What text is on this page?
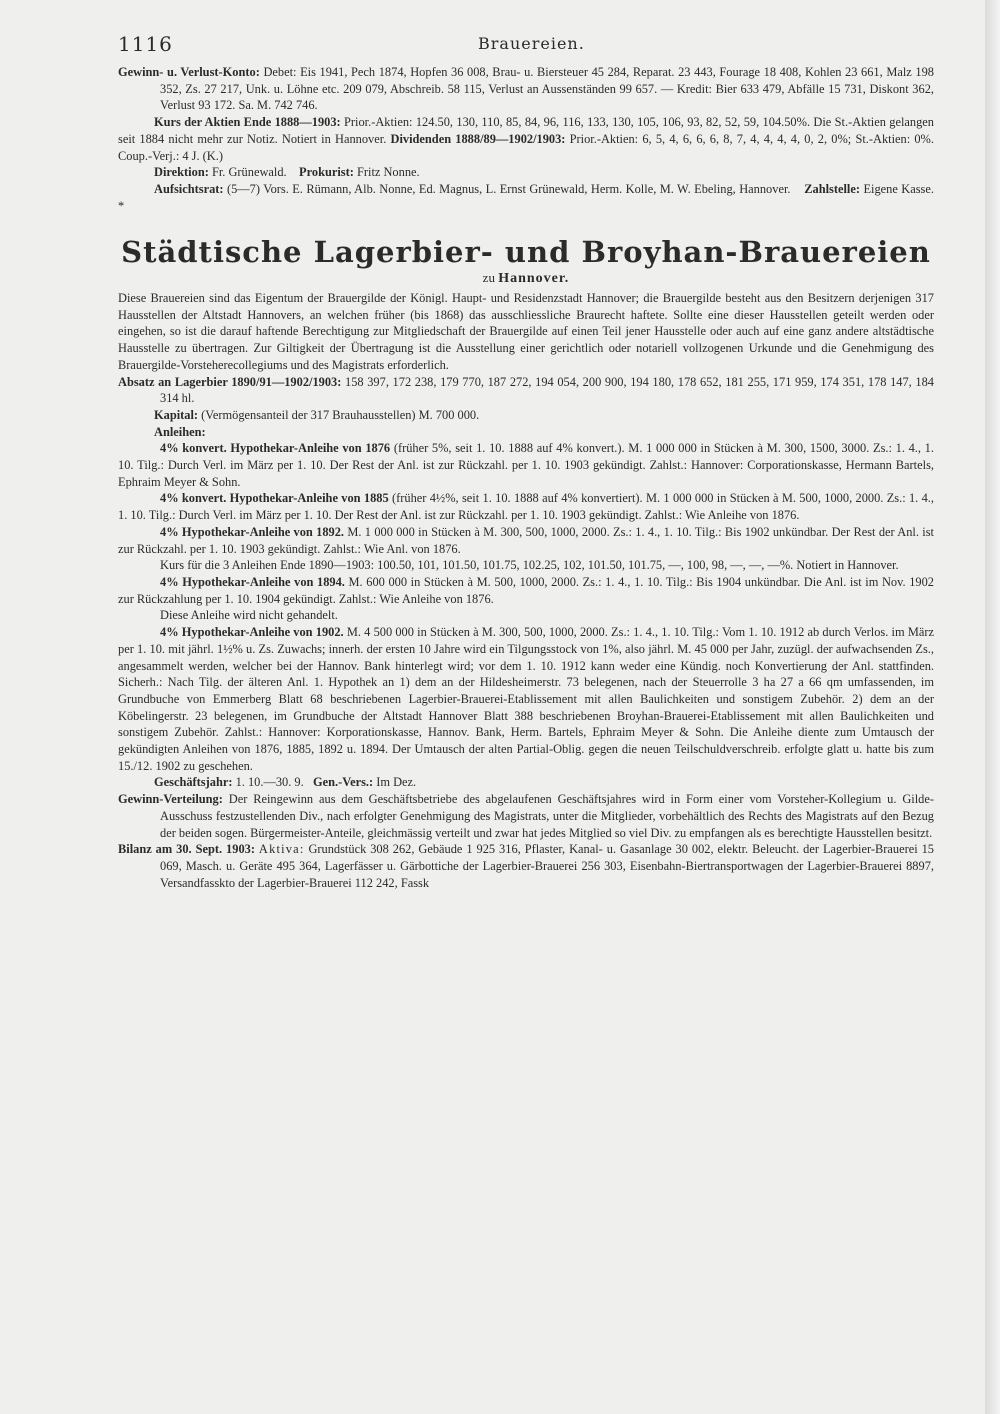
1116	Brauereien.

Gewinn- u. Verlust-Konto: Debet: Eis 1941, Pech 1874, Hopfen 36 008, Brau- u. Biersteuer 45 284, Reparat. 23 443, Fourage 18 408, Kohlen 23 661, Malz 198 352, Zs. 27 217, Unk. u. Löhne etc. 209 079, Abschreib. 58 115, Verlust an Aussenständen 99 657. — Kredit: Bier 633 479, Abfälle 15 731, Diskont 362, Verlust 93 172. Sa. M. 742 746.

Kurs der Aktien Ende 1888—1903: Prior.-Aktien: 124.50, 130, 110, 85, 84, 96, 116, 133, 130, 105, 106, 93, 82, 52, 59, 104.50%. Die St.-Aktien gelangen seit 1884 nicht mehr zur Notiz. Notiert in Hannover. Dividenden 1888/89—1902/1903: Prior.-Aktien: 6, 5, 4, 6, 6, 6, 8, 7, 4, 4, 4, 4, 0, 2, 0%; St.-Aktien: 0%. Coup.-Verj.: 4 J. (K.)

Direktion: Fr. Grünewald. Prokurist: Fritz Nonne.

Aufsichtsrat: (5—7) Vors. E. Rümann, Alb. Nonne, Ed. Magnus, L. Ernst Grünewald, Herm. Kolle, M. W. Ebeling, Hannover. Zahlstelle: Eigene Kasse. *

Städtische Lagerbier- und Broyhan-Brauereien
zu Hannover.

Diese Brauereien sind das Eigentum der Brauergilde der Königl. Haupt- und Residenzstadt Hannover; die Brauergilde besteht aus den Besitzern derjenigen 317 Hausstellen der Altstadt Hannovers, an welchen früher (bis 1868) das ausschliessliche Braurecht haftete. Sollte eine dieser Hausstellen geteilt werden oder eingehen, so ist die darauf haftende Berechtigung zur Mitgliedschaft der Brauergilde auf einen Teil jener Hausstelle oder auch auf eine ganz andere altstädtische Hausstelle zu übertragen. Zur Giltigkeit der Übertragung ist die Ausstellung einer gerichtlich oder notariell vollzogenen Urkunde und die Genehmigung des Brauergilde-Vorsteherecollegiums und des Magistrats erforderlich.

Absatz an Lagerbier 1890/91—1902/1903: 158 397, 172 238, 179 770, 187 272, 194 054, 200 900, 194 180, 178 652, 181 255, 171 959, 174 351, 178 147, 184 314 hl.

Kapital: (Vermögensanteil der 317 Brauhausstellen) M. 700 000.

Anleihen:

4% konvert. Hypothekar-Anleihe von 1876 (früher 5%, seit 1. 10. 1888 auf 4% konvert.). M. 1 000 000 in Stücken à M. 300, 1500, 3000. Zs.: 1. 4., 1. 10. Tilg.: Durch Verl. im März per 1. 10. Der Rest der Anl. ist zur Rückzahl. per 1. 10. 1903 gekündigt. Zahlst.: Hannover: Corporationskasse, Hermann Bartels, Ephraim Meyer & Sohn.

4% konvert. Hypothekar-Anleihe von 1885 (früher 4½%, seit 1. 10. 1888 auf 4% konvertiert). M. 1 000 000 in Stücken à M. 500, 1000, 2000. Zs.: 1. 4., 1. 10. Tilg.: Durch Verl. im März per 1. 10. Der Rest der Anl. ist zur Rückzahl. per 1. 10. 1903 gekündigt. Zahlst.: Wie Anleihe von 1876.

4% Hypothekar-Anleihe von 1892. M. 1 000 000 in Stücken à M. 300, 500, 1000, 2000. Zs.: 1. 4., 1. 10. Tilg.: Bis 1902 unkündbar. Der Rest der Anl. ist zur Rückzahl. per 1. 10. 1903 gekündigt. Zahlst.: Wie Anl. von 1876.

Kurs für die 3 Anleihen Ende 1890—1903: 100.50, 101, 101.50, 101.75, 102.25, 102, 101.50, 101.75, —, 100, 98, —, —, —%. Notiert in Hannover.

4% Hypothekar-Anleihe von 1894. M. 600 000 in Stücken à M. 500, 1000, 2000. Zs.: 1. 4., 1. 10. Tilg.: Bis 1904 unkündbar. Die Anl. ist im Nov. 1902 zur Rückzahlung per 1. 10. 1904 gekündigt. Zahlst.: Wie Anleihe von 1876.

Diese Anleihe wird nicht gehandelt.

4% Hypothekar-Anleihe von 1902. M. 4 500 000 in Stücken à M. 300, 500, 1000, 2000. Zs.: 1. 4., 1. 10. Tilg.: Vom 1. 10. 1912 ab durch Verlos. im März per 1. 10. mit jährl. 1½% u. Zs. Zuwachs; innerh. der ersten 10 Jahre wird ein Tilgungsstock von 1%, also jährl. M. 45 000 per Jahr, zuzügl. der aufwachsenden Zs., angesammelt werden, welcher bei der Hannov. Bank hinterlegt wird; vor dem 1. 10. 1912 kann weder eine Kündig. noch Konvertierung der Anl. stattfinden. Sicherh.: Nach Tilg. der älteren Anl. 1. Hypothek an 1) dem an der Hildesheimerstr. 73 belegenen, nach der Steuerrolle 3 ha 27 a 66 qm umfassenden, im Grundbuche von Emmerberg Blatt 68 beschriebenen Lagerbier-Brauerei-Etablissement mit allen Baulichkeiten und sonstigem Zubehör. 2) dem an der Köbelingerstr. 23 belegenen, im Grundbuche der Altstadt Hannover Blatt 388 beschriebenen Broyhan-Brauerei-Etablissement mit allen Baulichkeiten und sonstigem Zubehör. Zahlst.: Hannover: Korporationskasse, Hannov. Bank, Herm. Bartels, Ephraim Meyer & Sohn. Die Anleihe diente zum Umtausch der gekündigten Anleihen von 1876, 1885, 1892 u. 1894. Der Umtausch der alten Partial-Oblig. gegen die neuen Teilschuldverschreib. erfolgte glatt u. hatte bis zum 15./12. 1902 zu geschehen.

Geschäftsjahr: 1. 10.—30. 9. Gen.-Vers.: Im Dez.

Gewinn-Verteilung: Der Reingewinn aus dem Geschäftsbetriebe des abgelaufenen Geschäftsjahres wird in Form einer vom Vorsteher-Kollegium u. Gilde-Ausschuss festzustellenden Div., nach erfolgter Genehmigung des Magistrats, unter die Mitglieder, vorbehältlich des Rechts des Magistrats auf den Bezug der beiden sogen. Bürgermeister-Anteile, gleichmässig verteilt und zwar hat jedes Mitglied so viel Div. zu empfangen als es berechtigte Hausstellen besitzt.

Bilanz am 30. Sept. 1903: Aktiva: Grundstück 308 262, Gebäude 1 925 316, Pflaster, Kanal- u. Gasanlage 30 002, elektr. Beleucht. der Lagerbier-Brauerei 15 069, Masch. u. Geräte 495 364, Lagerfässer u. Gärbottiche der Lagerbier-Brauerei 256 303, Eisenbahn-Biertransportwagen der Lagerbier-Brauerei 8897, Versandfasskto der Lagerbier-Brauerei 112 242, Fassk
